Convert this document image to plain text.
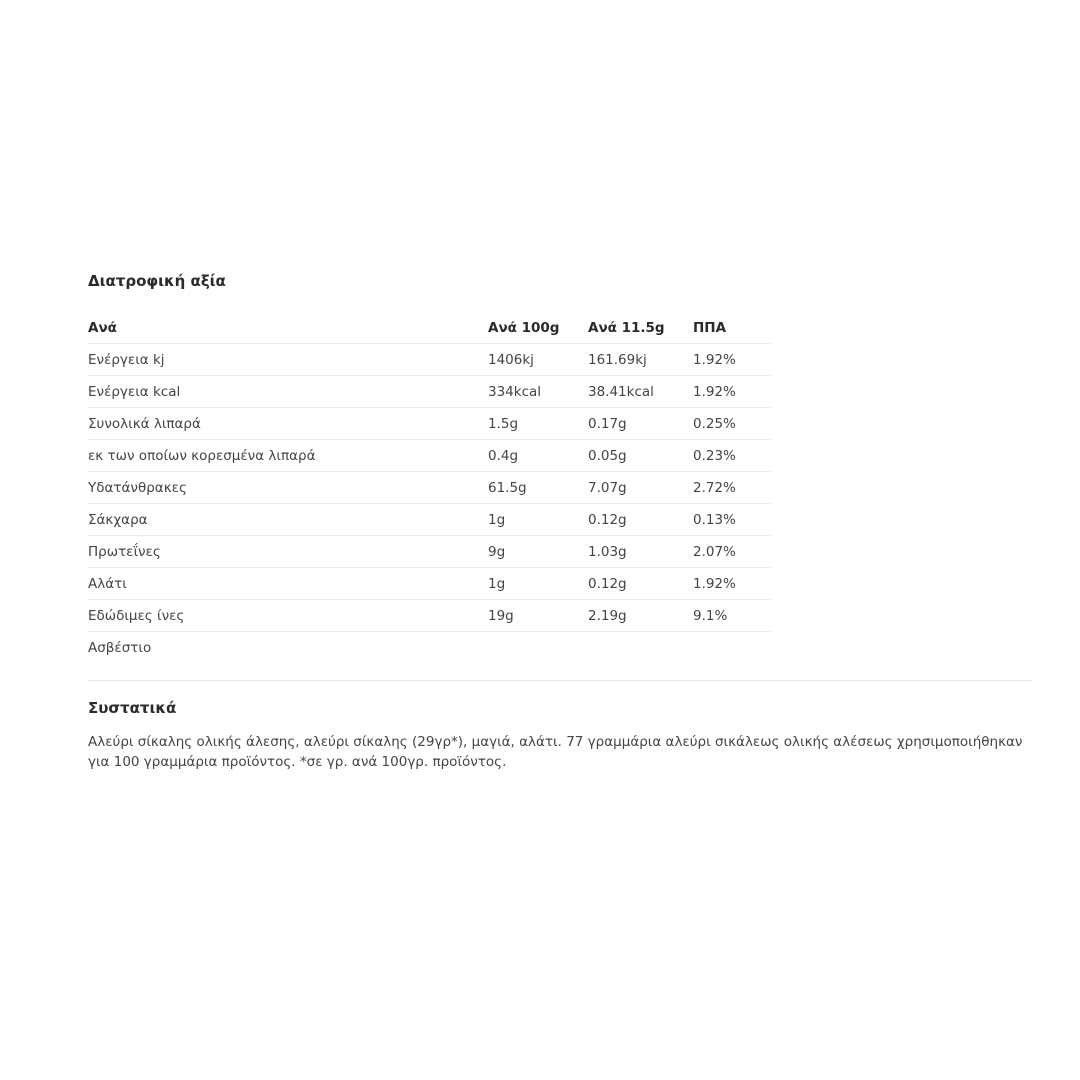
Διατροφική αξία
Ανά	Ανά 100g	Ανά 11.5g	ΠΠΑ
Ενέργεια kj	1406kj	161.69kj	1.92%
Ενέργεια kcal	334kcal	38.41kcal	1.92%
Συνολικά λιπαρά	1.5g	0.17g	0.25%
εκ των οποίων κορεσμένα λιπαρά	0.4g	0.05g	0.23%
Υδατάνθρακες	61.5g	7.07g	2.72%
Σάκχαρα	1g	0.12g	0.13%
Πρωτεΐνες	9g	1.03g	2.07%
Αλάτι	1g	0.12g	1.92%
Εδώδιμες ίνες	19g	2.19g	9.1%
Ασβέστιο			
Συστατικά

Αλεύρι σίκαλης ολικής άλεσης, αλεύρι σίκαλης (29γρ*), μαγιά, αλάτι. 77 γραμμάρια αλεύρι σικάλεως ολικής αλέσεως χρησιμοποιήθηκαν για 100 γραμμάρια προϊόντος. *σε γρ. ανά 100γρ. προϊόντος.
